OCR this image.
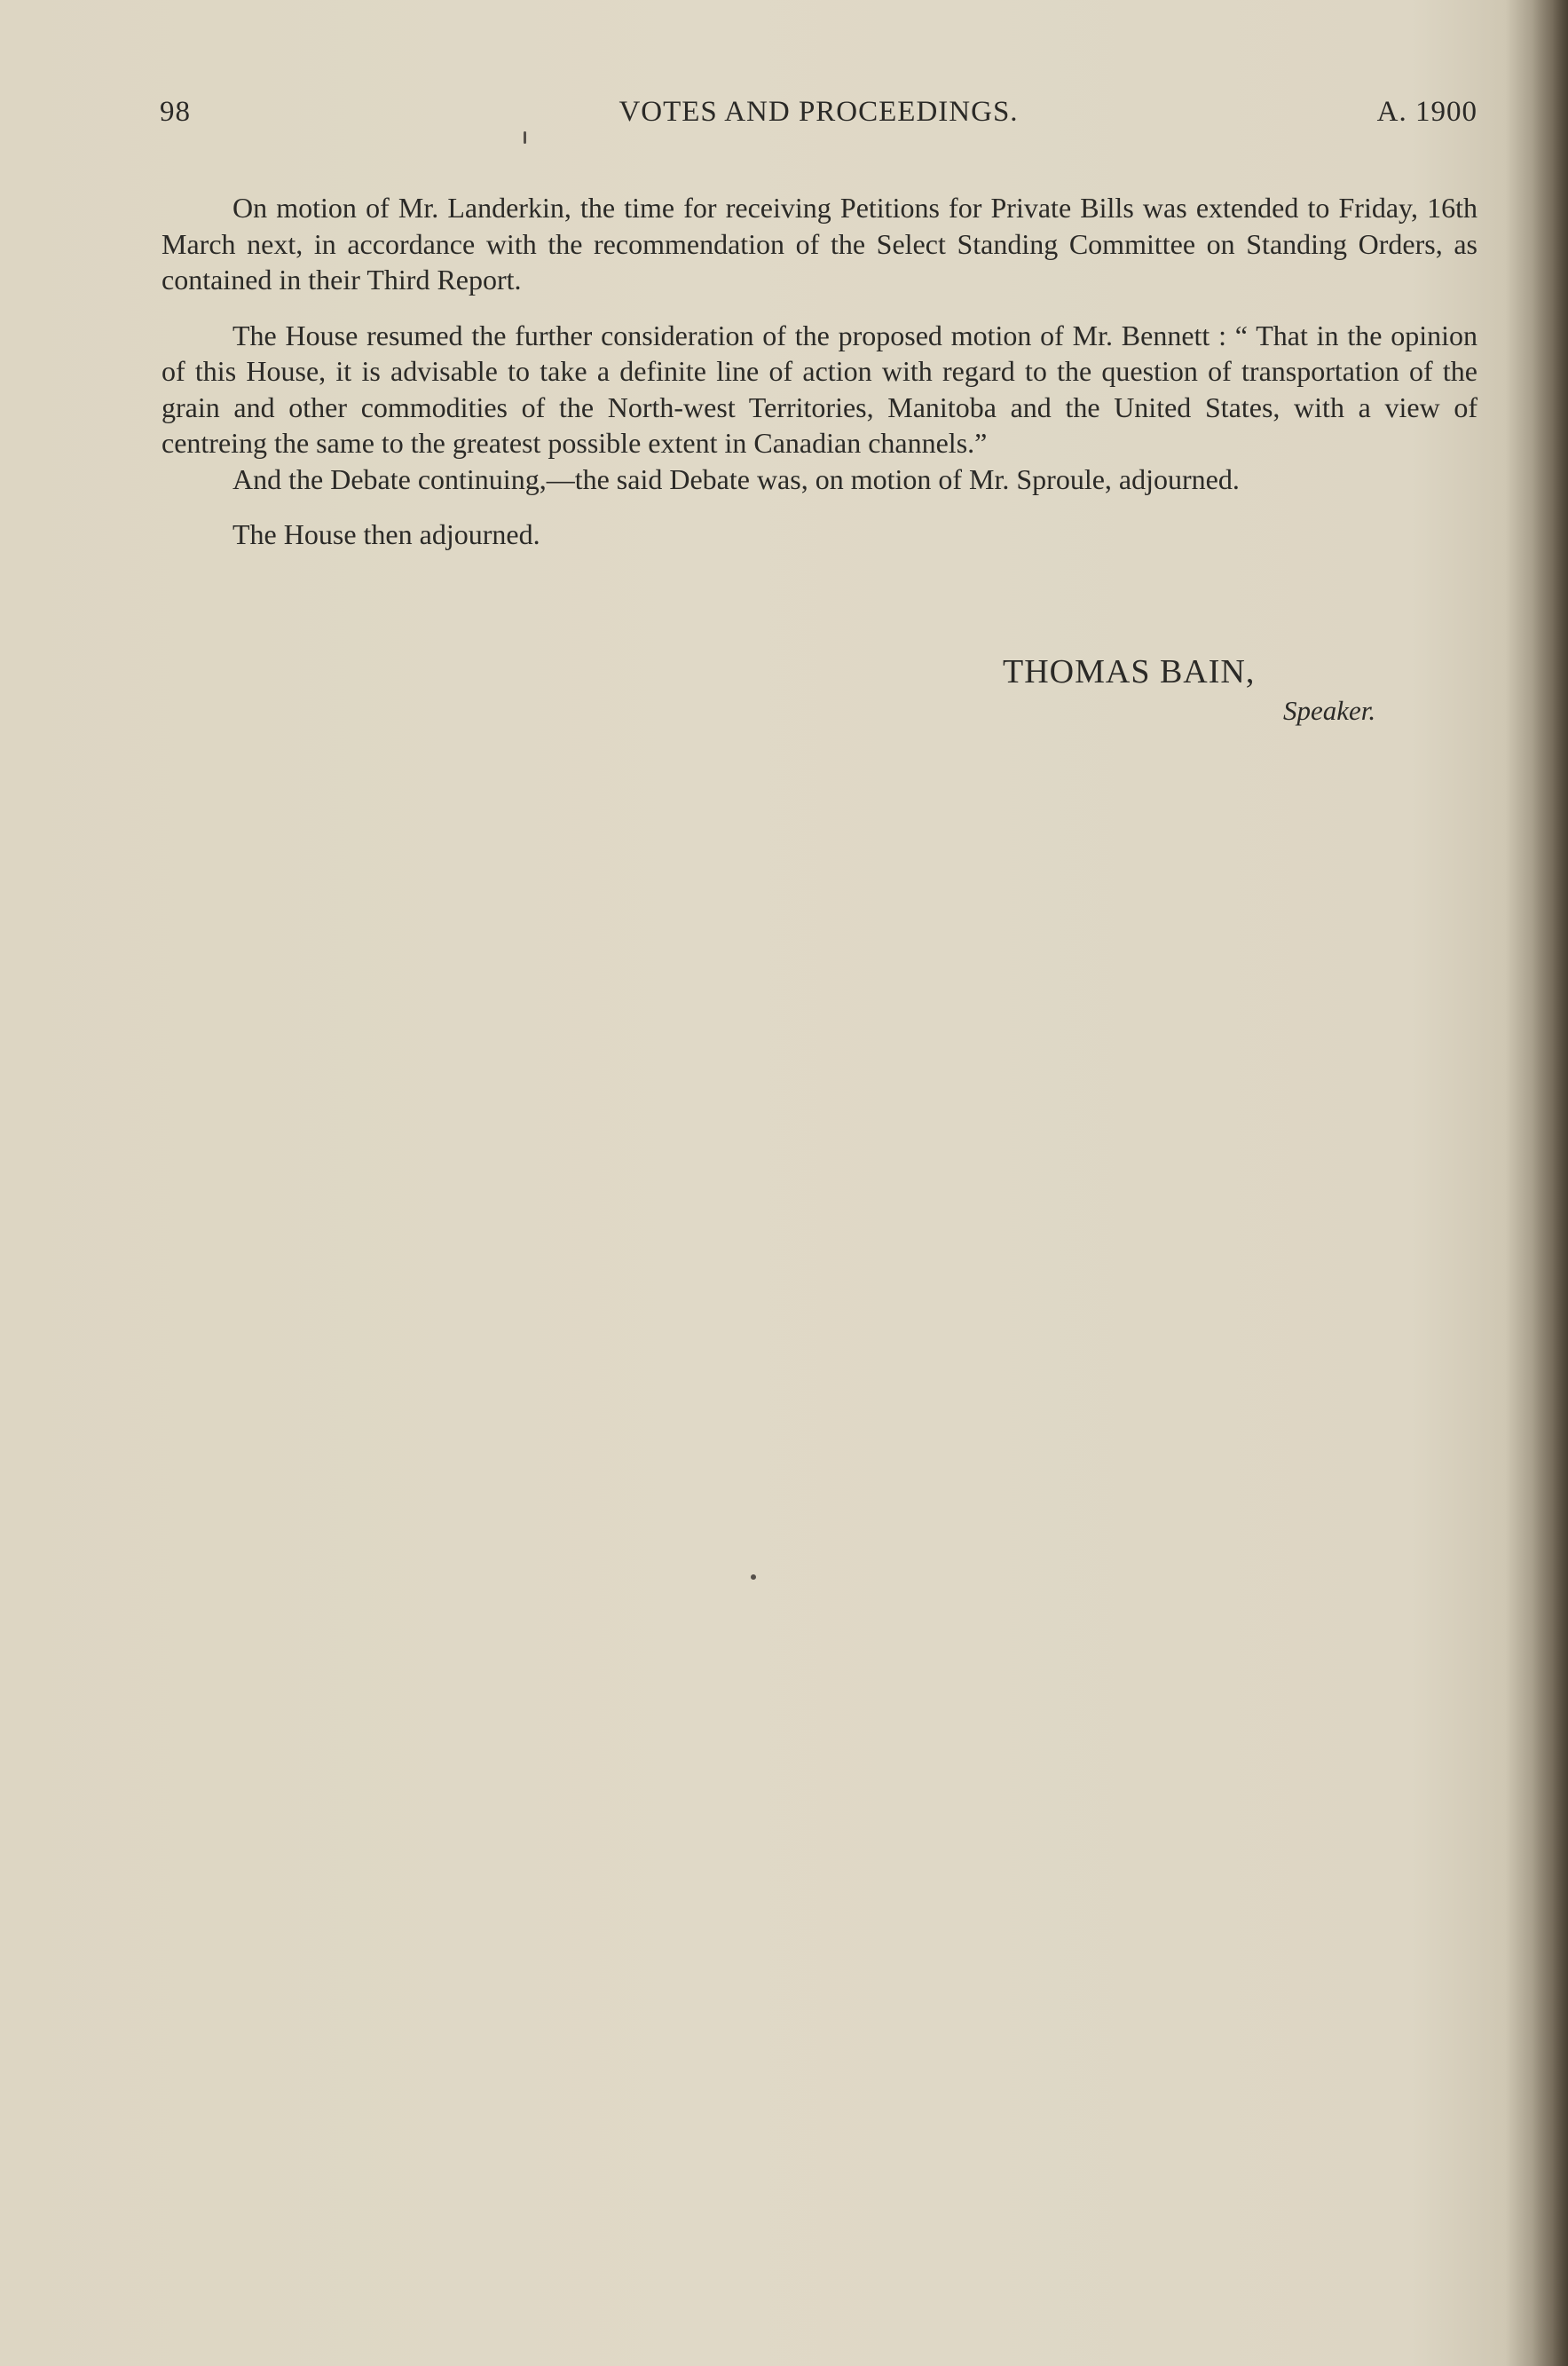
98	VOTES AND PROCEEDINGS.	A. 1900

On motion of Mr. Landerkin, the time for receiving Petitions for Private Bills was extended to Friday, 16th March next, in accordance with the recommendation of the Select Standing Committee on Standing Orders, as contained in their Third Report.

The House resumed the further consideration of the proposed motion of Mr. Bennett : “ That in the opinion of this House, it is advisable to take a definite line of action with regard to the question of transportation of the grain and other commodities of the North-west Territories, Manitoba and the United States, with a view of centreing the same to the greatest possible extent in Canadian channels.”

And the Debate continuing,—the said Debate was, on motion of Mr. Sproule, adjourned.

The House then adjourned.

THOMAS BAIN,
Speaker.
